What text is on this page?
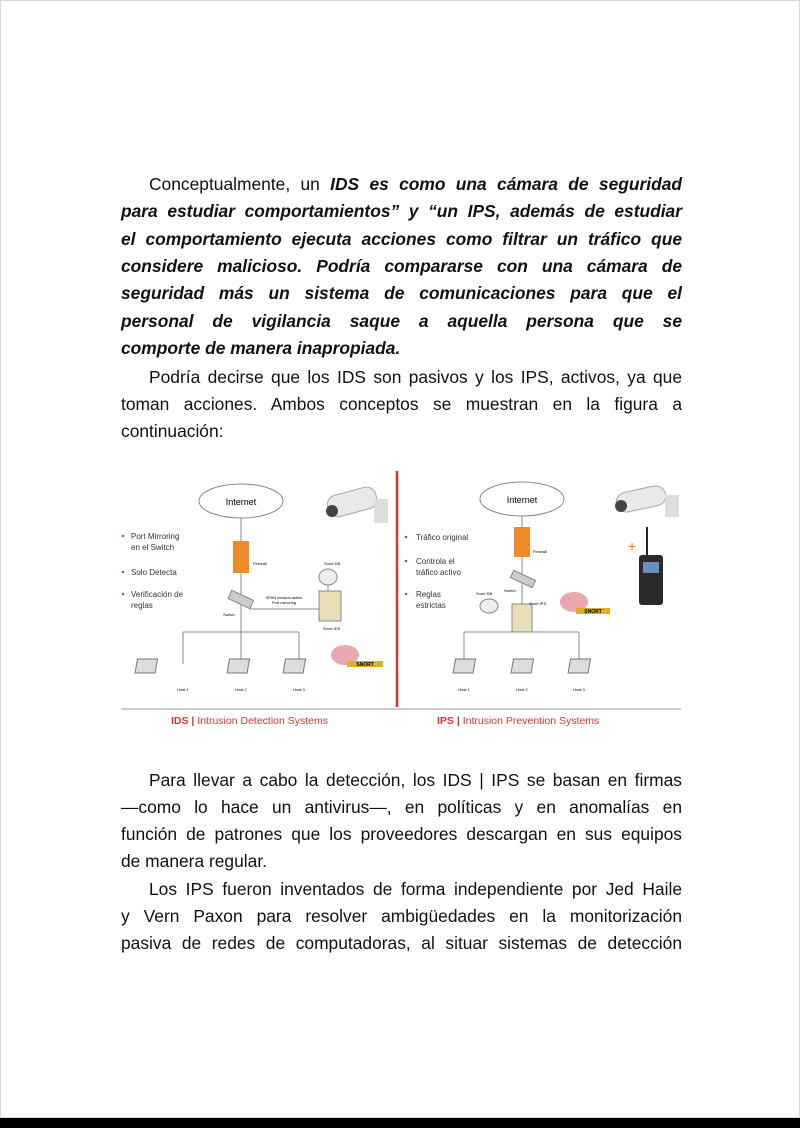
Conceptualmente, un IDS es como una cámara de seguridad
para estudiar comportamientos” y “un IPS, además de estudiar
el comportamiento ejecuta acciones como filtrar un tráfico que
considere malicioso. Podría compararse con una cámara de
seguridad más un sistema de comunicaciones para que el
personal de vigilancia saque a aquella persona que se
comporte de manera inapropiada.
Podría decirse que los IDS son pasivos y los IPS, activos, ya que
toman acciones. Ambos conceptos se muestran en la figura a
continuación:
Internet
Firewall
Switch
SPAN session active
Port mirroring
Snort IDS
Snort DB
Host 1	Host 2	Host 3
Port Mirroring
en el Switch
Solo Detecta
Verificación de
reglas
SNORT
Internet
Firewall
Switch
Snort IPS
Snort DB
Host 1	Host 2	Host 3
Tráfico original
Controla el
tráfico activo
Reglas
estrictas
+
SNORT
IDS | Intrusion Detection Systems	IPS | Intrusion Prevention Systems
Para llevar a cabo la detección, los IDS | IPS se basan en firmas
—como lo hace un antivirus—, en políticas y en anomalías en
función de patrones que los proveedores descargan en sus equipos
de manera regular.
Los IPS fueron inventados de forma independiente por Jed Haile
y Vern Paxon para resolver ambigüedades en la monitorización
pasiva de redes de computadoras, al situar sistemas de detección
